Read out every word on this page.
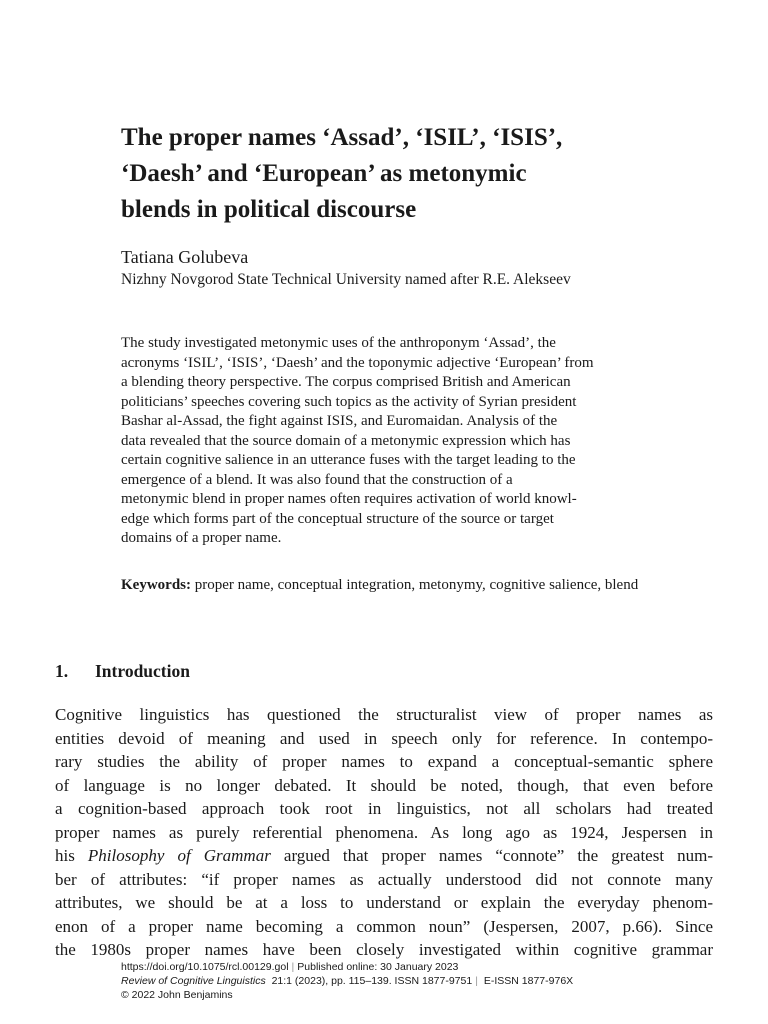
The proper names ‘Assad’, ‘ISIL’, ‘ISIS’,
‘Daesh’ and ‘European’ as metonymic
blends in political discourse
Tatiana Golubeva
Nizhny Novgorod State Technical University named after R.E. Alekseev
The study investigated metonymic uses of the anthroponym ‘Assad’, the
acronyms ‘ISIL’, ‘ISIS’, ‘Daesh’ and the toponymic adjective ‘European’ from
a blending theory perspective. The corpus comprised British and American
politicians’ speeches covering such topics as the activity of Syrian president
Bashar al-Assad, the fight against ISIS, and Euromaidan. Analysis of the
data revealed that the source domain of a metonymic expression which has
certain cognitive salience in an utterance fuses with the target leading to the
emergence of a blend. It was also found that the construction of a
metonymic blend in proper names often requires activation of world knowl-
edge which forms part of the conceptual structure of the source or target
domains of a proper name.
Keywords: proper name, conceptual integration, metonymy, cognitive salience, blend
1. Introduction
Cognitive linguistics has questioned the structuralist view of proper names as
entities devoid of meaning and used in speech only for reference. In contempo-
rary studies the ability of proper names to expand a conceptual-semantic sphere
of language is no longer debated. It should be noted, though, that even before
a cognition-based approach took root in linguistics, not all scholars had treated
proper names as purely referential phenomena. As long ago as 1924, Jespersen in
his Philosophy of Grammar argued that proper names “connote” the greatest num-
ber of attributes: “if proper names as actually understood did not connote many
attributes, we should be at a loss to understand or explain the everyday phenom-
enon of a proper name becoming a common noun” (Jespersen, 2007, p.66). Since
the 1980s proper names have been closely investigated within cognitive grammar
https://doi.org/10.1075/rcl.00129.gol | Published online: 30 January 2023
Review of Cognitive Linguistics  21:1 (2023), pp. 115–139. ISSN 1877-9751 | E-ISSN 1877-976X
© 2022 John Benjamins
